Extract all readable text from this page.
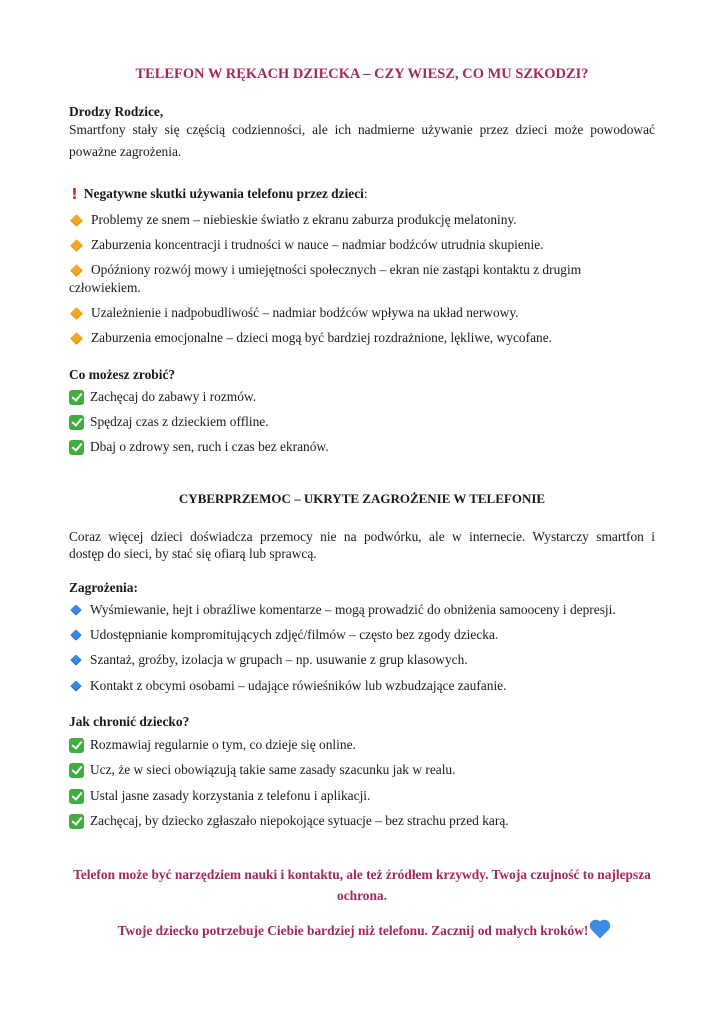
TELEFON W RĘKACH DZIECKA – CZY WIESZ, CO MU SZKODZI?
Drodzy Rodzice,
Smartfony stały się częścią codzienności, ale ich nadmierne używanie przez dzieci może powodować poważne zagrożenia.
! Negatywne skutki używania telefonu przez dzieci :
Problemy ze snem – niebieskie światło z ekranu zaburza produkcję melatoniny.
Zaburzenia koncentracji i trudności w nauce – nadmiar bodźców utrudnia skupienie.
Opóźniony rozwój mowy i umiejętności społecznych – ekran nie zastąpi kontaktu z drugim
człowiekiem.
Uzależnienie i nadpobudliwość – nadmiar bodźców wpływa na układ nerwowy.
Zaburzenia emocjonalne – dzieci mogą być bardziej rozdrażnione, lękliwe, wycofane.
Co możesz zrobić?
Zachęcaj do zabawy i rozmów.
Spędzaj czas z dzieckiem offline.
Dbaj o zdrowy sen, ruch i czas bez ekranów.
CYBERPRZEMOC – UKRYTE ZAGROŻENIE W TELEFONIE
Coraz więcej dzieci doświadcza przemocy nie na podwórku, ale w internecie. Wystarczy smartfon i
dostęp do sieci, by stać się ofiarą lub sprawcą.
Zagrożenia:
Wyśmiewanie, hejt i obraźliwe komentarze – mogą prowadzić do obniżenia samooceny i depresji.
Udostępnianie kompromitujących zdjęć/filmów – często bez zgody dziecka.
Szantaż, groźby, izolacja w grupach – np. usuwanie z grup klasowych.
Kontakt z obcymi osobami – udające rówieśników lub wzbudzające zaufanie.
Jak chronić dziecko?
Rozmawiaj regularnie o tym, co dzieje się online.
Ucz, że w sieci obowiązują takie same zasady szacunku jak w realu.
Ustal jasne zasady korzystania z telefonu i aplikacji.
Zachęcaj, by dziecko zgłaszało niepokojące sytuacje – bez strachu przed karą.
Telefon może być narzędziem nauki i kontaktu, ale też źródłem krzywdy. Twoja czujność to najlepsza ochrona.
Twoje dziecko potrzebuje Ciebie bardziej niż telefonu. Zacznij od małych kroków!
